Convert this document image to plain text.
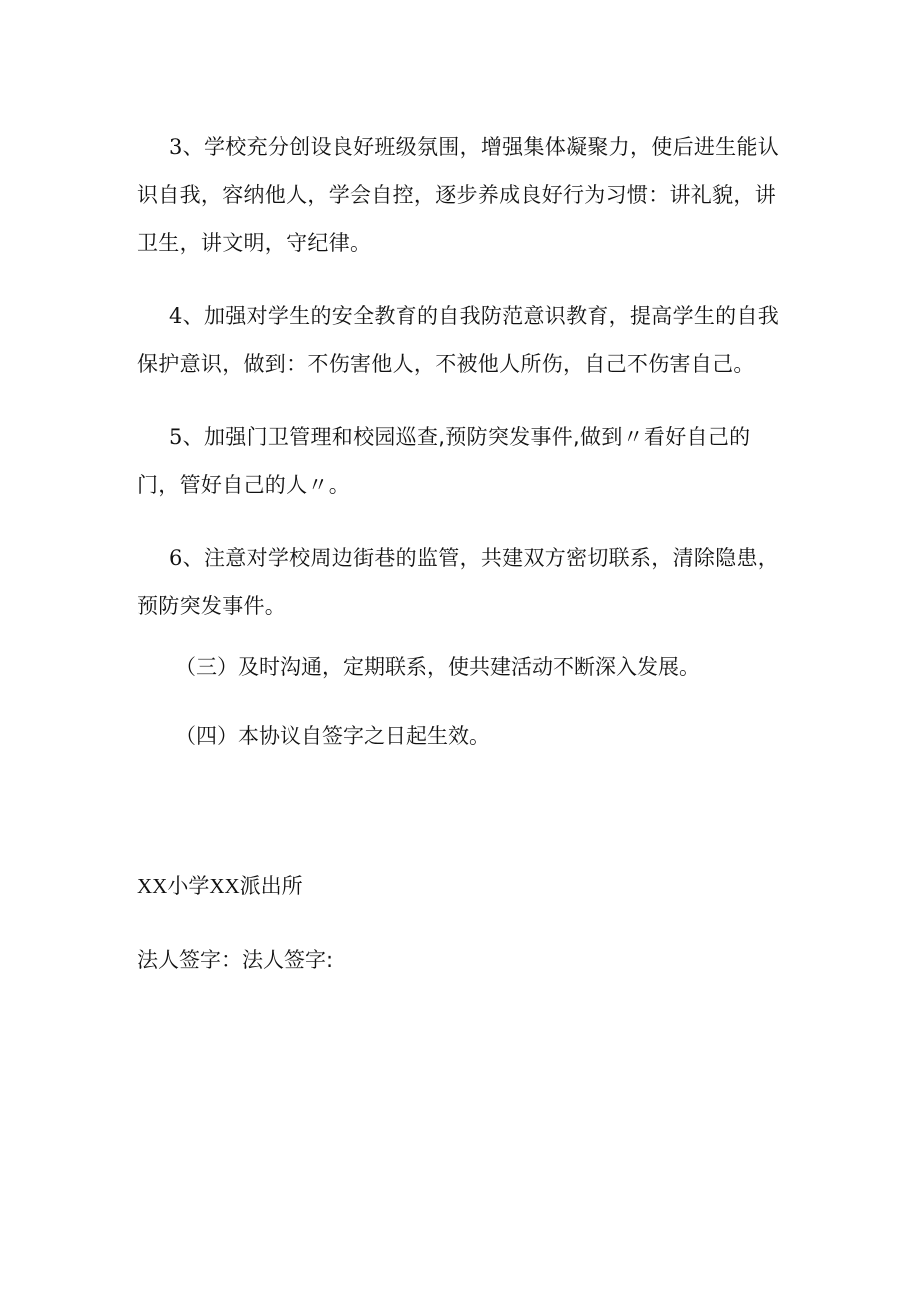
3、学校充分创设良好班级氛围，增强集体凝聚力，使后进生能认识自我，容纳他人，学会自控，逐步养成良好行为习惯：讲礼貌，讲卫生，讲文明，守纪律。

4、加强对学生的安全教育的自我防范意识教育，提高学生的自我保护意识，做到：不伤害他人，不被他人所伤，自己不伤害自己。

5、加强门卫管理和校园巡查,预防突发事件,做到〃看好自己的门，管好自己的人〃。

6、注意对学校周边街巷的监管，共建双方密切联系，清除隐患，预防突发事件。

（三）及时沟通，定期联系，使共建活动不断深入发展。

（四）本协议自签字之日起生效。

XX小学XX派出所

法人签字：法人签字:
